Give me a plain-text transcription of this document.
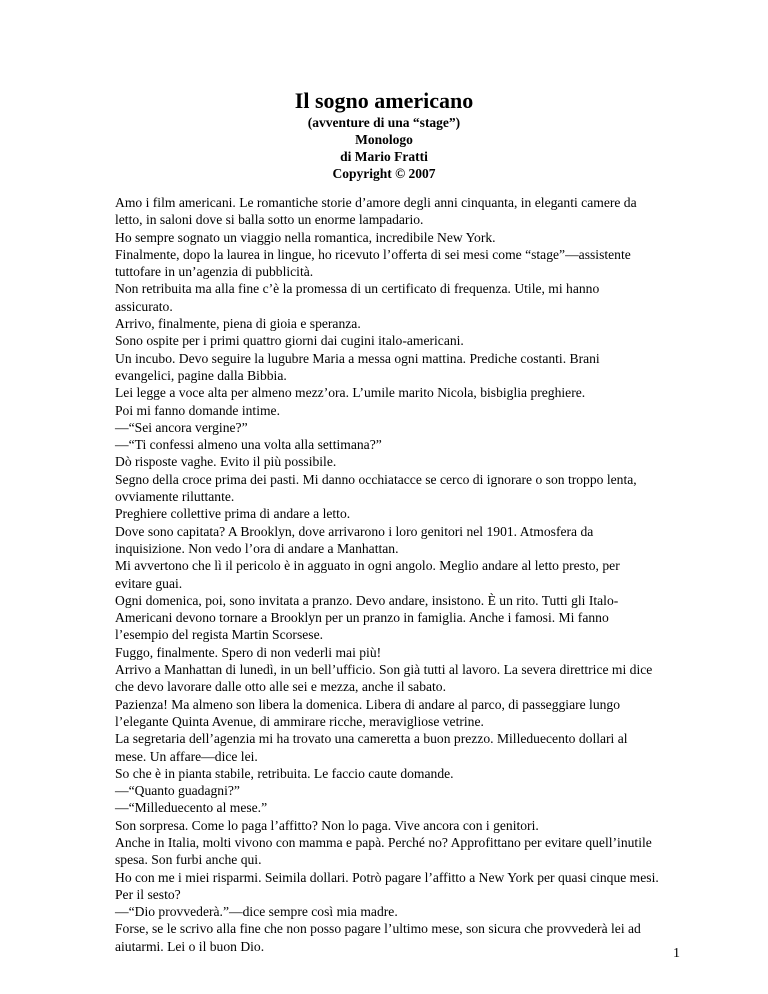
Il sogno americano

(avventure di una “stage”)

Monologo

di Mario Fratti

Copyright © 2007

Amo i film americani. Le romantiche storie d’amore degli anni cinquanta, in eleganti camere da letto, in saloni dove si balla sotto un enorme lampadario.

Ho sempre sognato un viaggio nella romantica, incredibile New York.

Finalmente, dopo la laurea in lingue, ho ricevuto l’offerta di sei mesi come “stage”—assistente tuttofare in un’agenzia di pubblicità.

Non retribuita ma alla fine c’è la promessa di un certificato di frequenza. Utile, mi hanno assicurato.

Arrivo, finalmente, piena di gioia e speranza.

Sono ospite per i primi quattro giorni dai cugini italo-americani.

Un incubo. Devo seguire la lugubre Maria a messa ogni mattina. Prediche costanti. Brani evangelici, pagine dalla Bibbia.

Lei legge a voce alta per almeno mezz’ora. L’umile marito Nicola, bisbiglia preghiere.

Poi mi fanno domande intime.

—“Sei ancora vergine?”

—“Ti confessi almeno una volta alla settimana?”

Dò risposte vaghe. Evito il più possibile.

Segno della croce prima dei pasti. Mi danno occhiatacce se cerco di ignorare o son troppo lenta, ovviamente riluttante.

Preghiere collettive prima di andare a letto.

Dove sono capitata? A Brooklyn, dove arrivarono i loro genitori nel 1901. Atmosfera da inquisizione. Non vedo l’ora di andare a Manhattan.

Mi avvertono che lì il pericolo è in agguato in ogni angolo. Meglio andare al letto presto, per evitare guai.

Ogni domenica, poi, sono invitata a pranzo. Devo andare, insistono. È un rito. Tutti gli Italo-Americani devono tornare a Brooklyn per un pranzo in famiglia. Anche i famosi. Mi fanno l’esempio del regista Martin Scorsese.

Fuggo, finalmente. Spero di non vederli mai più!

Arrivo a Manhattan di lunedì, in un bell’ufficio. Son già tutti al lavoro. La severa direttrice mi dice che devo lavorare dalle otto alle sei e mezza, anche il sabato.

Pazienza! Ma almeno son libera la domenica. Libera di andare al parco, di passeggiare lungo l’elegante Quinta Avenue, di ammirare ricche, meravigliose vetrine.

La segretaria dell’agenzia mi ha trovato una cameretta a buon prezzo. Milleduecento dollari al mese. Un affare—dice lei.

So che è in pianta stabile, retribuita. Le faccio caute domande.

—“Quanto guadagni?”

—“Milleduecento al mese.”

Son sorpresa. Come lo paga l’affitto? Non lo paga. Vive ancora con i genitori.

Anche in Italia, molti vivono con mamma e papà. Perché no? Approfittano per evitare quell’inutile spesa. Son furbi anche qui.

Ho con me i miei risparmi. Seimila dollari. Potrò pagare l’affitto a New York per quasi cinque mesi. Per il sesto?

—“Dio provvederà.”—dice sempre così mia madre.

Forse, se le scrivo alla fine che non posso pagare l’ultimo mese, son sicura che provvederà lei ad aiutarmi. Lei o il buon Dio.	1
